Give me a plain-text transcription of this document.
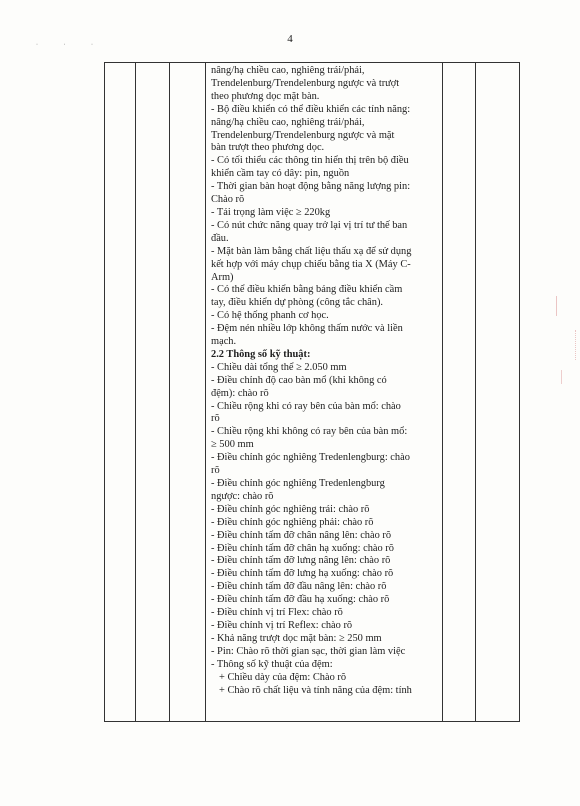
4
· · ·

nâng/hạ chiều cao, nghiêng trái/phải,
Trendelenburg/Trendelenburg ngược và trượt
theo phương dọc mặt bàn.
- Bộ điều khiển có thể điều khiển các tính năng:
nâng/hạ chiều cao, nghiêng trái/phải,
Trendelenburg/Trendelenburg ngược và mặt
bàn trượt theo phương dọc.
- Có tối thiểu các thông tin hiển thị trên bộ điều
khiển cầm tay có dây: pin, nguồn
- Thời gian bàn hoạt động bằng năng lượng pin:
Chào rõ
- Tải trọng làm việc ≥ 220kg
- Có nút chức năng quay trở lại vị trí tư thế ban
đầu.
- Mặt bàn làm bằng chất liệu thấu xạ để sử dụng
kết hợp với máy chụp chiếu bằng tia X (Máy C-
Arm)
- Có thể điều khiển bằng bảng điều khiển cầm
tay, điều khiển dự phòng (công tắc chân).
- Có hệ thống phanh cơ học.
- Đệm nén nhiều lớp không thấm nước và liền
mạch.
2.2 Thông số kỹ thuật:
- Chiều dài tổng thể ≥ 2.050 mm
- Điều chỉnh độ cao bàn mổ (khi không có
đệm): chào rõ
- Chiều rộng khi có ray bên của bàn mổ: chào
rõ
- Chiều rộng khi không có ray bên của bàn mổ:
≥ 500 mm
- Điều chỉnh góc nghiêng Tredenlengburg: chào
rõ
- Điều chỉnh góc nghiêng Tredenlengburg
ngược: chào rõ
- Điều chỉnh góc nghiêng trái: chào rõ
- Điều chỉnh góc nghiêng phải: chào rõ
- Điều chỉnh tấm đỡ chân nâng lên: chào rõ
- Điều chỉnh tấm đỡ chân hạ xuống: chào rõ
- Điều chỉnh tấm đỡ lưng nâng lên: chào rõ
- Điều chỉnh tấm đỡ lưng hạ xuống: chào rõ
- Điều chỉnh tấm đỡ đầu nâng lên: chào rõ
- Điều chỉnh tấm đỡ đầu hạ xuống: chào rõ
- Điều chỉnh vị trí Flex: chào rõ
- Điều chỉnh vị trí Reflex: chào rõ
- Khả năng trượt dọc mặt bàn: ≥ 250 mm
- Pin: Chào rõ thời gian sạc, thời gian làm việc
- Thông số kỹ thuật của đệm:
+ Chiều dày của đệm: Chào rõ
+ Chào rõ chất liệu và tính năng của đệm: tính
